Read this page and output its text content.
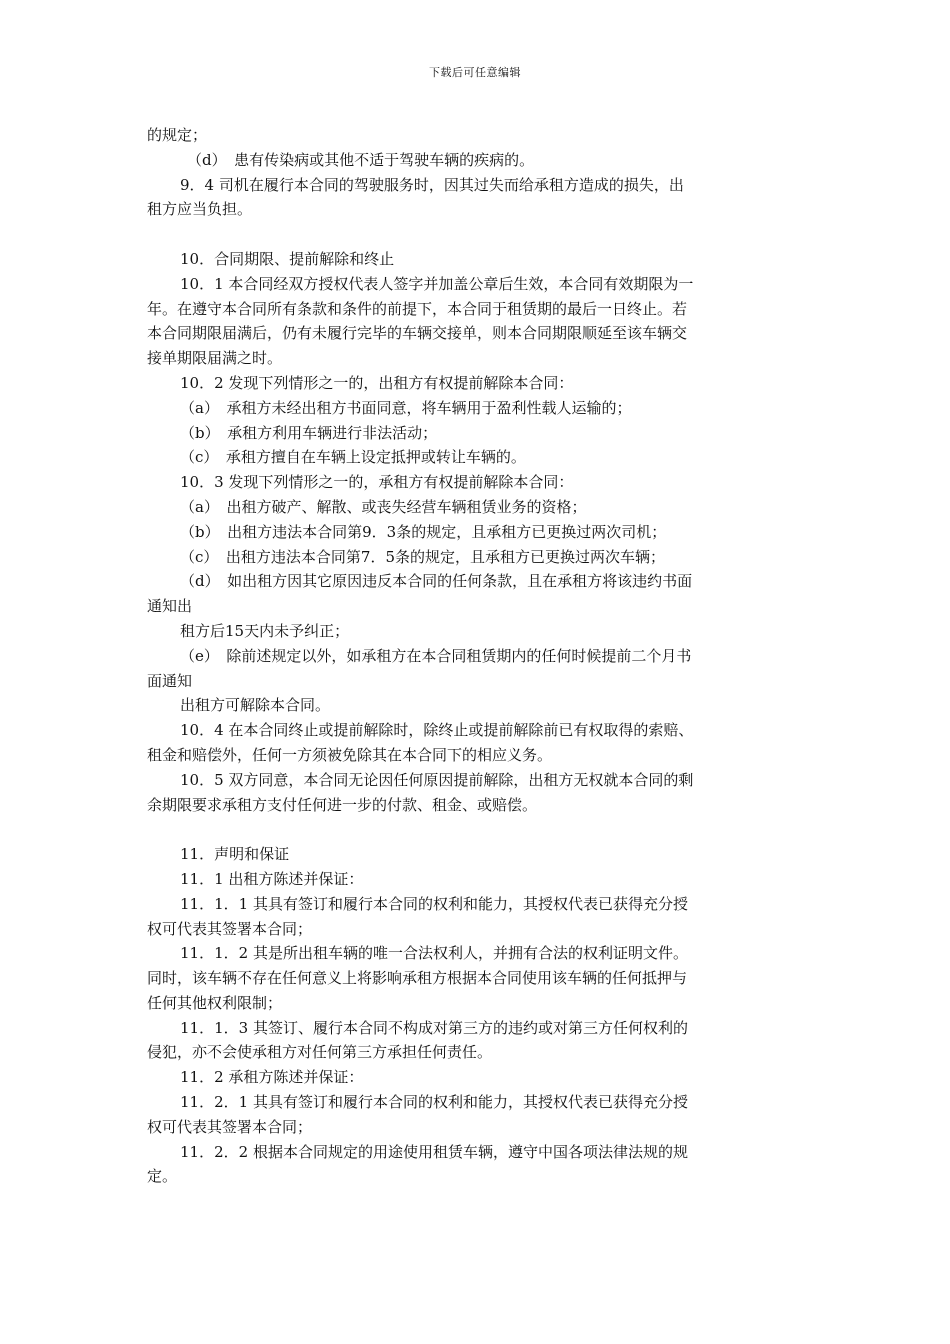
下载后可任意编辑

的规定；

（d）　患有传染病或其他不适于驾驶车辆的疾病的。

9．4 司机在履行本合同的驾驶服务时，因其过失而给承租方造成的损失，出

租方应当负担。

10．合同期限、提前解除和终止

10．1 本合同经双方授权代表人签字并加盖公章后生效，本合同有效期限为一

年。在遵守本合同所有条款和条件的前提下，本合同于租赁期的最后一日终止。若

本合同期限届满后，仍有未履行完毕的车辆交接单，则本合同期限顺延至该车辆交

接单期限届满之时。

10．2 发现下列情形之一的，出租方有权提前解除本合同：

（a）　承租方未经出租方书面同意，将车辆用于盈利性载人运输的；

（b）　承租方利用车辆进行非法活动；

（c）　承租方擅自在车辆上设定抵押或转让车辆的。

10．3 发现下列情形之一的，承租方有权提前解除本合同：

（a）　出租方破产、解散、或丧失经营车辆租赁业务的资格；

（b）　出租方违法本合同第9．3条的规定，且承租方已更换过两次司机；

（c）　出租方违法本合同第7．5条的规定，且承租方已更换过两次车辆；

（d）　如出租方因其它原因违反本合同的任何条款，且在承租方将该违约书面

通知出

租方后15天内未予纠正；

（e）　除前述规定以外，如承租方在本合同租赁期内的任何时候提前二个月书

面通知

出租方可解除本合同。

10．4 在本合同终止或提前解除时，除终止或提前解除前已有权取得的索赔、

租金和赔偿外，任何一方须被免除其在本合同下的相应义务。

10．5 双方同意，本合同无论因任何原因提前解除，出租方无权就本合同的剩

余期限要求承租方支付任何进一步的付款、租金、或赔偿。

11．声明和保证

11．1 出租方陈述并保证：

11．1．1 其具有签订和履行本合同的权利和能力，其授权代表已获得充分授

权可代表其签署本合同；

11．1．2 其是所出租车辆的唯一合法权利人，并拥有合法的权利证明文件。

同时，该车辆不存在任何意义上将影响承租方根据本合同使用该车辆的任何抵押与

任何其他权利限制；

11．1．3 其签订、履行本合同不构成对第三方的违约或对第三方任何权利的

侵犯，亦不会使承租方对任何第三方承担任何责任。

11．2 承租方陈述并保证：

11．2．1 其具有签订和履行本合同的权利和能力，其授权代表已获得充分授

权可代表其签署本合同；

11．2．2 根据本合同规定的用途使用租赁车辆，遵守中国各项法律法规的规

定。
